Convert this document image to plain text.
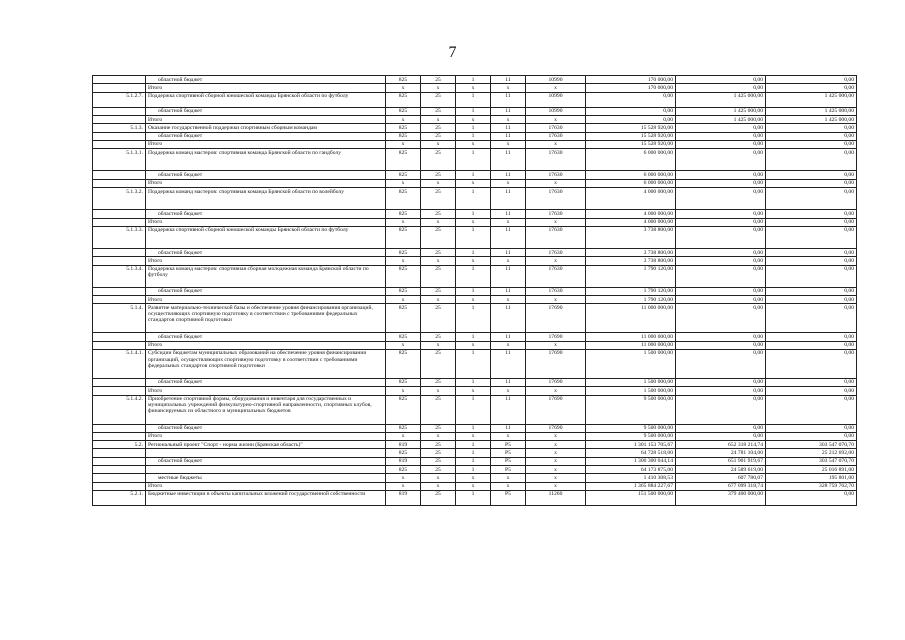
7
	областной бюджет	825	25	1	11	10990	170 000,00	0,00	0,00
	Итого	x	x	x	x	x	170 000,00	0,00	0,00
5.1.2.7.	Поддержка спортивной сборной юношеской команды Брянской области по футболу	825	25	1	11	10990	0,00	1 425 000,00	1 425 000,00
	областной бюджет	825	25	1	11	10990	0,00	1 425 000,00	1 425 000,00
	Итого	x	x	x	x	x	0,00	1 425 000,00	1 425 000,00
5.1.3.	Оказание государственной поддержки спортивным сборным командам	825	25	1	11	17630	15 528 920,00	0,00	0,00
	областной бюджет	825	25	1	11	17630	15 528 920,00	0,00	0,00
	Итого	x	x	x	x	x	15 528 920,00	0,00	0,00
5.1.3.1.	Поддержка команд мастеров: спортивная команда Брянской области по гандболу	825	25	1	11	17630	6 000 000,00	0,00	0,00
	областной бюджет	825	25	1	11	17630	6 000 000,00	0,00	0,00
	Итого	x	x	x	x	x	6 000 000,00	0,00	0,00
5.1.3.2.	Поддержка команд мастеров: спортивная команда Брянской области по волейболу	825	25	1	11	17630	4 000 000,00	0,00	0,00
	областной бюджет	825	25	1	11	17630	4 000 000,00	0,00	0,00
	Итого	x	x	x	x	x	4 000 000,00	0,00	0,00
5.1.3.3.	Поддержка спортивной сборной юношеской команды Брянской области по футболу	825	25	1	11	17630	3 738 800,00	0,00	0,00
	областной бюджет	825	25	1	11	17630	3 738 800,00	0,00	0,00
	Итого	x	x	x	x	x	3 738 800,00	0,00	0,00
5.1.3.4.	Поддержка команд мастеров: спортивная сборная молодежная команда Брянской области по футболу	825	25	1	11	17630	1 790 120,00	0,00	0,00
	областной бюджет	825	25	1	11	17630	1 790 120,00	0,00	0,00
	Итого	x	x	x	x	x	1 790 120,00	0,00	0,00
5.1.4.	Развитие материально-технической базы и обеспечение уровня финансирования организаций, осуществляющих спортивную подготовку в соответствии с требованиями федеральных стандартов спортивной подготовки	825	25	1	11	17690	11 000 000,00	0,00	0,00
	областной бюджет	825	25	1	11	17690	11 000 000,00	0,00	0,00
	Итого	x	x	x	x	x	11 000 000,00	0,00	0,00
5.1.4.1.	Субсидии бюджетам муниципальных образований на обеспечение уровня финансирования организаций, осуществляющих спортивную подготовку в соответствии с требованиями федеральных стандартов спортивной подготовки	825	25	1	11	17690	1 500 000,00	0,00	0,00
	областной бюджет	825	25	1	11	17690	1 500 000,00	0,00	0,00
	Итого	x	x	x	x	x	1 500 000,00	0,00	0,00
5.1.4.2.	Приобретение спортивной формы, оборудования и инвентаря для государственных и муниципальных учреждений физкультурно-спортивной направленности, спортивных клубов, финансируемых из областного и муниципальных бюджетов	825	25	1	11	17690	9 500 000,00	0,00	0,00
	областной бюджет	825	25	1	11	17690	9 500 000,00	0,00	0,00
	Итого	x	x	x	x	x	9 500 000,00	0,00	0,00
5.2.	Региональный проект "Спорт - норма жизни (Брянская область)"	819	25	1	P5	x	1 301 153 705,67	652 318 214,74	303 547 070,70
		825	25	1	P5	x	64 728 518,00	24 781 104,00	25 212 692,00
	областной бюджет	819	25	1	P5	x	1 300 300 044,14	651 901 919,67	303 547 070,70
		825	25	1	P5	x	64 173 875,00	24 589 619,00	25 016 891,00
	местные бюджеты	x	x	x	x	x	1 410 308,53	607 780,07	195 801,00
	Итого	x	x	x	x	x	1 365 884 227,67	677 099 318,74	328 759 762,70
5.2.1.	Бюджетные инвестиции в объекты капитальных вложений государственной собственности	819	25	1	P5	11260	151 500 000,00	379 400 000,00	0,00
